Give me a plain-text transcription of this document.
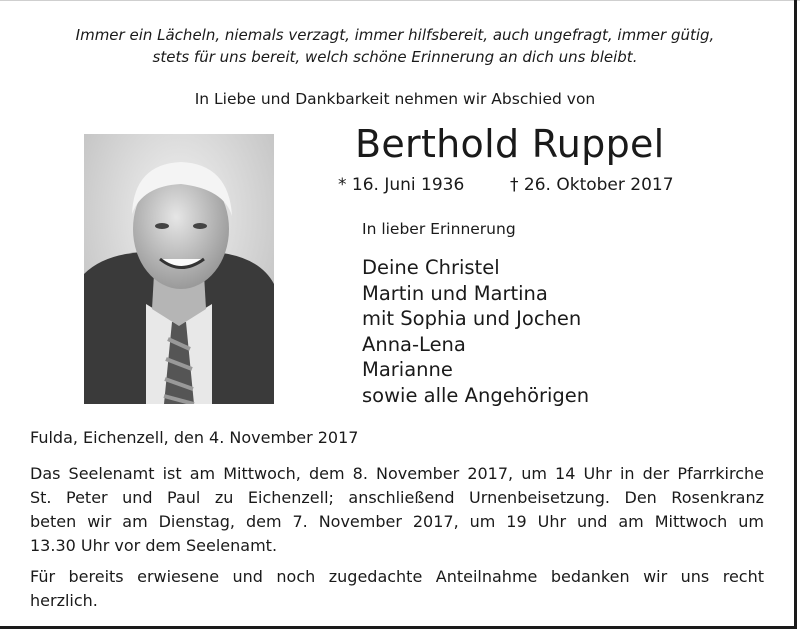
Immer ein Lächeln, niemals verzagt, immer hilfsbereit, auch ungefragt, immer gütig,
stets für uns bereit, welch schöne Erinnerung an dich uns bleibt.
In Liebe und Dankbarkeit nehmen wir Abschied von
Berthold Ruppel
* 16. Juni 1936	† 26. Oktober 2017
In lieber Erinnerung
Deine Christel
Martin und Martina
mit Sophia und Jochen
Anna-Lena
Marianne
sowie alle Angehörigen
Fulda, Eichenzell, den 4. November 2017
Das Seelenamt ist am Mittwoch, dem 8. November 2017, um 14 Uhr in der Pfarrkirche
St. Peter und Paul zu Eichenzell; anschließend Urnenbeisetzung. Den Rosenkranz
beten wir am Dienstag, dem 7. November 2017, um 19 Uhr und am Mittwoch um
13.30 Uhr vor dem Seelenamt.
Für bereits erwiesene und noch zugedachte Anteilnahme bedanken wir uns recht
herzlich.
